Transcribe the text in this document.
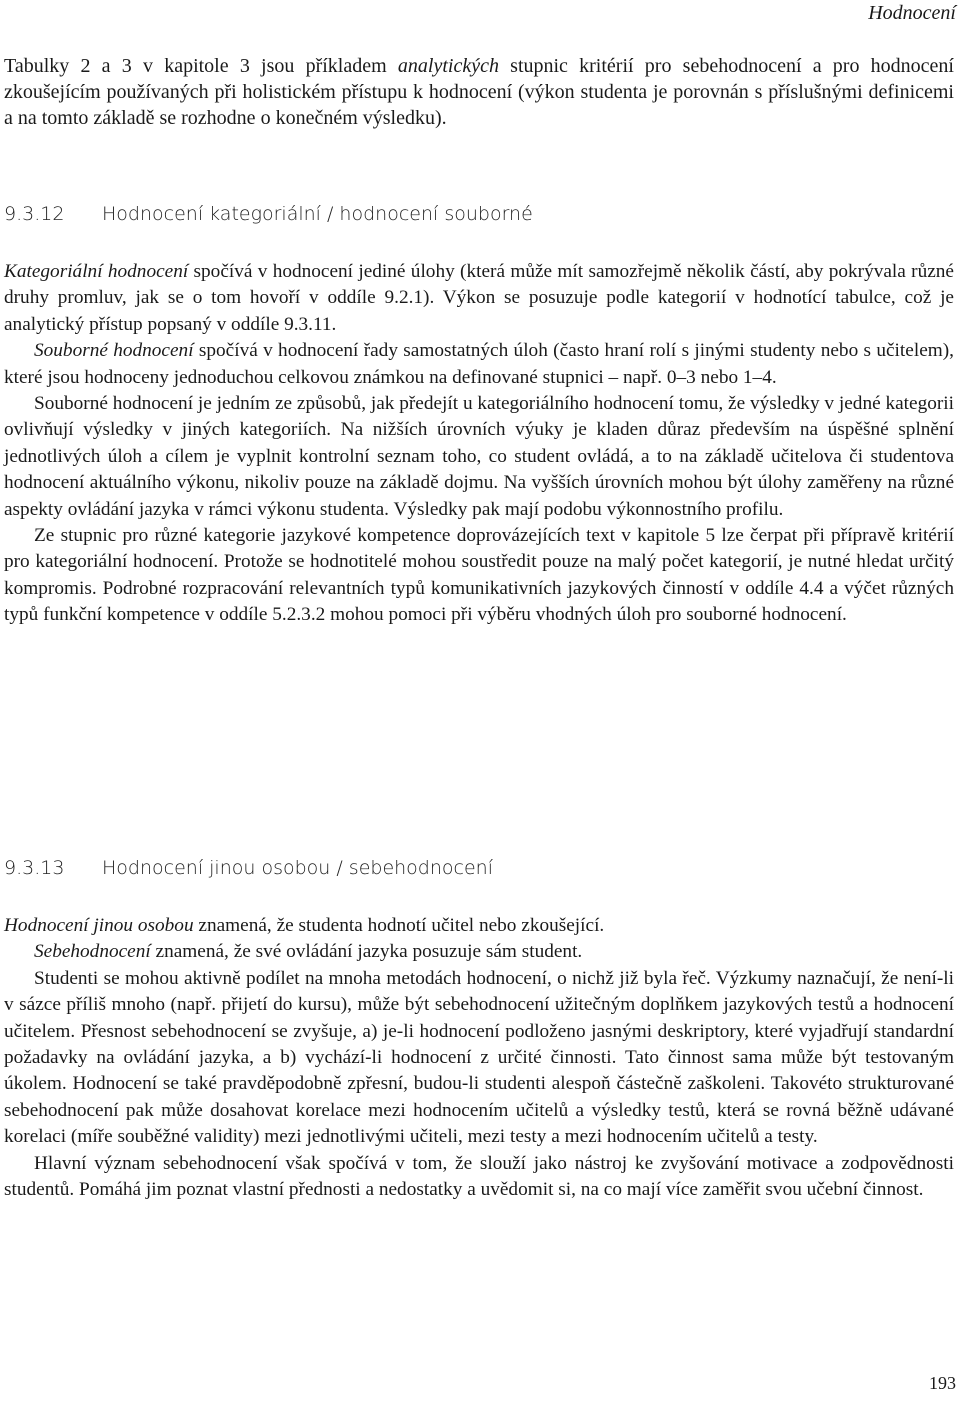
Hodnocení

Tabulky 2 a 3 v kapitole 3 jsou příkladem analytických stupnic kritérií pro sebehodnocení a pro hodnocení zkoušejícím používaných při holistickém přístupu k hodnocení (výkon studenta je porovnán s příslušnými definicemi a na tomto základě se rozhodne o konečném výsledku).

9.3.12 Hodnocení kategoriální / hodnocení souborné

Kategoriální hodnocení spočívá v hodnocení jediné úlohy (která může mít samozřejmě několik částí, aby pokrývala různé druhy promluv, jak se o tom hovoří v oddíle 9.2.1). Výkon se posuzuje podle kategorií v hodnotící tabulce, což je analytický přístup popsaný v oddíle 9.3.11.

Souborné hodnocení spočívá v hodnocení řady samostatných úloh (často hraní rolí s jinými studenty nebo s učitelem), které jsou hodnoceny jednoduchou celkovou známkou na definované stupnici – např. 0–3 nebo 1–4.

Souborné hodnocení je jedním ze způsobů, jak předejít u kategoriálního hodnocení tomu, že výsledky v jedné kategorii ovlivňují výsledky v jiných kategoriích. Na nižších úrovních výuky je kladen důraz především na úspěšné splnění jednotlivých úloh a cílem je vyplnit kontrolní seznam toho, co student ovládá, a to na základě učitelova či studentova hodnocení aktuálního výkonu, nikoliv pouze na základě dojmu. Na vyšších úrovních mohou být úlohy zaměřeny na různé aspekty ovládání jazyka v rámci výkonu studenta. Výsledky pak mají podobu výkonnostního profilu.

Ze stupnic pro různé kategorie jazykové kompetence doprovázejících text v kapitole 5 lze čerpat při přípravě kritérií pro kategoriální hodnocení. Protože se hodnotitelé mohou soustředit pouze na malý počet kategorií, je nutné hledat určitý kompromis. Podrobné rozpracování relevantních typů komunikativních jazykových činností v oddíle 4.4 a výčet různých typů funkční kompetence v oddíle 5.2.3.2 mohou pomoci při výběru vhodných úloh pro souborné hodnocení.

9.3.13 Hodnocení jinou osobou / sebehodnocení

Hodnocení jinou osobou znamená, že studenta hodnotí učitel nebo zkoušející.

Sebehodnocení znamená, že své ovládání jazyka posuzuje sám student.

Studenti se mohou aktivně podílet na mnoha metodách hodnocení, o nichž již byla řeč. Výzkumy naznačují, že není-li v sázce příliš mnoho (např. přijetí do kursu), může být sebehodnocení užitečným doplňkem jazykových testů a hodnocení učitelem. Přesnost sebehodnocení se zvyšuje, a) je-li hodnocení podloženo jasnými deskriptory, které vyjadřují standardní požadavky na ovládání jazyka, a b) vychází-li hodnocení z určité činnosti. Tato činnost sama může být testovaným úkolem. Hodnocení se také pravděpodobně zpřesní, budou-li studenti alespoň částečně zaškoleni. Takovéto strukturované sebehodnocení pak může dosahovat korelace mezi hodnocením učitelů a výsledky testů, která se rovná běžně udávané korelaci (míře souběžné validity) mezi jednotlivými učiteli, mezi testy a mezi hodnocením učitelů a testy.

Hlavní význam sebehodnocení však spočívá v tom, že slouží jako nástroj ke zvyšování motivace a zodpovědnosti studentů. Pomáhá jim poznat vlastní přednosti a nedostatky a uvědomit si, na co mají více zaměřit svou učební činnost.

193
